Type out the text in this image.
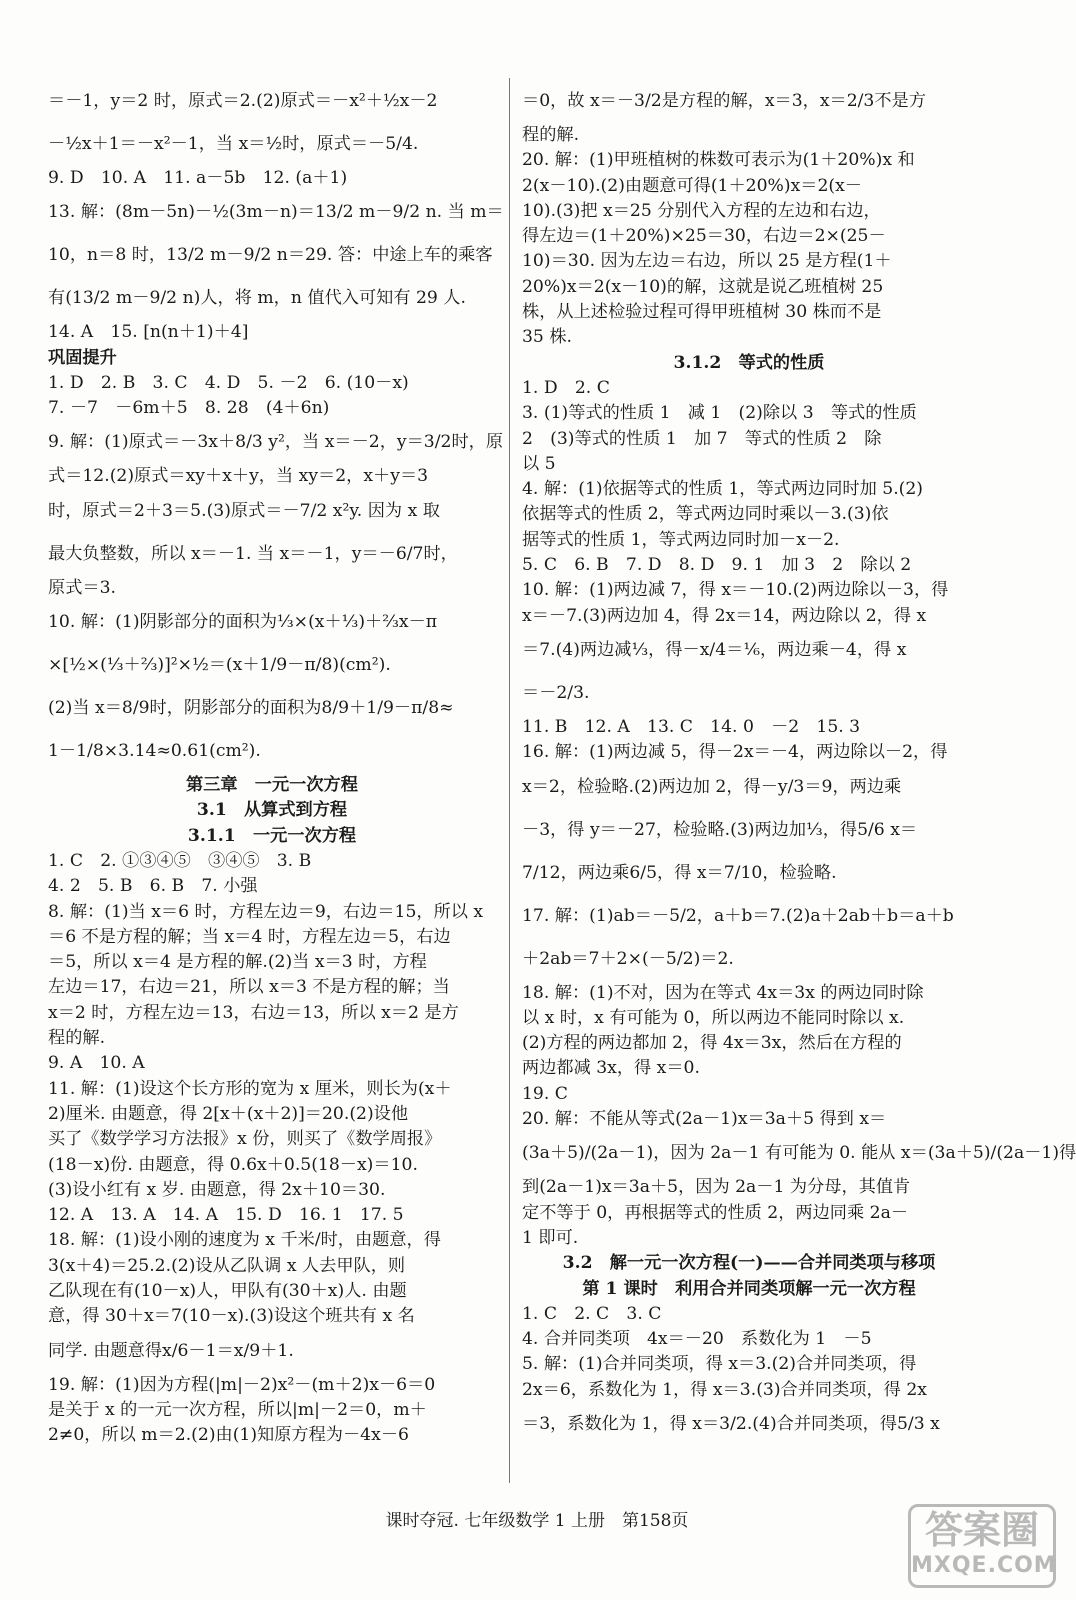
＝－1，y＝2 时，原式＝2.(2)原式＝－x²＋½x－2
－½x＋1＝－x²－1，当 x＝½时，原式＝－5/4.
9. D　10. A　11. a－5b　12. (a＋1)
13. 解：(8m－5n)－½(3m－n)＝13/2 m－9/2 n. 当 m＝
10，n＝8 时，13/2 m－9/2 n＝29. 答：中途上车的乘客
有(13/2 m－9/2 n)人，将 m，n 值代入可知有 29 人.
14. A　15. [n(n＋1)＋4]
巩固提升
1. D　2. B　3. C　4. D　5. －2　6. (10－x)
7. －7　－6m＋5　8. 28　(4＋6n)
9. 解：(1)原式＝－3x＋8/3 y²，当 x＝－2，y＝3/2时，原
式＝12.(2)原式＝xy＋x＋y，当 xy＝2，x＋y＝3
时，原式＝2＋3＝5.(3)原式＝－7/2 x²y. 因为 x 取
最大负整数，所以 x＝－1. 当 x＝－1，y＝－6/7时，
原式＝3.
10. 解：(1)阴影部分的面积为⅓×(x＋⅓)＋⅔x－π
×[½×(⅓＋⅔)]²×½＝(x＋1/9－π/8)(cm²).
(2)当 x＝8/9时，阴影部分的面积为8/9＋1/9－π/8≈
1－1/8×3.14≈0.61(cm²).
第三章　一元一次方程
3.1　从算式到方程
3.1.1　一元一次方程
1. C　2. ①③④⑤　③④⑤　3. B
4. 2　5. B　6. B　7. 小强
8. 解：(1)当 x＝6 时，方程左边＝9，右边＝15，所以 x
＝6 不是方程的解；当 x＝4 时，方程左边＝5，右边
＝5，所以 x＝4 是方程的解.(2)当 x＝3 时，方程
左边＝17，右边＝21，所以 x＝3 不是方程的解；当
x＝2 时，方程左边＝13，右边＝13，所以 x＝2 是方
程的解.
9. A　10. A
11. 解：(1)设这个长方形的宽为 x 厘米，则长为(x＋
2)厘米. 由题意，得 2[x＋(x＋2)]＝20.(2)设他
买了《数学学习方法报》x 份，则买了《数学周报》
(18－x)份. 由题意，得 0.6x＋0.5(18－x)＝10.
(3)设小红有 x 岁. 由题意，得 2x＋10＝30.
12. A　13. A　14. A　15. D　16. 1　17. 5
18. 解：(1)设小刚的速度为 x 千米/时，由题意，得
3(x＋4)＝25.2.(2)设从乙队调 x 人去甲队，则
乙队现在有(10－x)人，甲队有(30＋x)人. 由题
意，得 30＋x＝7(10－x).(3)设这个班共有 x 名
同学. 由题意得x/6－1＝x/9＋1.
19. 解：(1)因为方程(|m|－2)x²－(m＋2)x－6＝0
是关于 x 的一元一次方程，所以|m|－2＝0，m＋
2≠0，所以 m＝2.(2)由(1)知原方程为－4x－6
＝0，故 x＝－3/2是方程的解，x＝3，x＝2/3不是方
程的解.
20. 解：(1)甲班植树的株数可表示为(1＋20%)x 和
2(x－10).(2)由题意可得(1＋20%)x＝2(x－
10).(3)把 x＝25 分别代入方程的左边和右边，
得左边＝(1＋20%)×25＝30，右边＝2×(25－
10)＝30. 因为左边＝右边，所以 25 是方程(1＋
20%)x＝2(x－10)的解，这就是说乙班植树 25
株，从上述检验过程可得甲班植树 30 株而不是
35 株.
3.1.2　等式的性质
1. D　2. C
3. (1)等式的性质 1　减 1　(2)除以 3　等式的性质
2　(3)等式的性质 1　加 7　等式的性质 2　除
以 5
4. 解：(1)依据等式的性质 1，等式两边同时加 5.(2)
依据等式的性质 2，等式两边同时乘以－3.(3)依
据等式的性质 1，等式两边同时加－x－2.
5. C　6. B　7. D　8. D　9. 1　加 3　2　除以 2
10. 解：(1)两边减 7，得 x＝－10.(2)两边除以－3，得
x＝－7.(3)两边加 4，得 2x＝14，两边除以 2，得 x
＝7.(4)两边减⅓，得－x/4＝⅙，两边乘－4，得 x
＝－2/3.
11. B　12. A　13. C　14. 0　－2　15. 3
16. 解：(1)两边减 5，得－2x＝－4，两边除以－2，得
x＝2，检验略.(2)两边加 2，得－y/3＝9，两边乘
－3，得 y＝－27，检验略.(3)两边加⅓，得5/6 x＝
7/12，两边乘6/5，得 x＝7/10，检验略.
17. 解：(1)ab＝－5/2，a＋b＝7.(2)a＋2ab＋b＝a＋b
＋2ab＝7＋2×(－5/2)＝2.
18. 解：(1)不对，因为在等式 4x＝3x 的两边同时除
以 x 时，x 有可能为 0，所以两边不能同时除以 x.
(2)方程的两边都加 2，得 4x＝3x，然后在方程的
两边都减 3x，得 x＝0.
19. C
20. 解：不能从等式(2a－1)x＝3a＋5 得到 x＝
(3a＋5)/(2a－1)，因为 2a－1 有可能为 0. 能从 x＝(3a＋5)/(2a－1)得
到(2a－1)x＝3a＋5，因为 2a－1 为分母，其值肯
定不等于 0，再根据等式的性质 2，两边同乘 2a－
1 即可.
3.2　解一元一次方程(一)——合并同类项与移项
第 1 课时　利用合并同类项解一元一次方程
1. C　2. C　3. C
4. 合并同类项　4x＝－20　系数化为 1　－5
5. 解：(1)合并同类项，得 x＝3.(2)合并同类项，得
2x＝6，系数化为 1，得 x＝3.(3)合并同类项，得 2x
＝3，系数化为 1，得 x＝3/2.(4)合并同类项，得5/3 x
课时夺冠. 七年级数学 1 上册　第158页	答案圈
MXQE.COM
